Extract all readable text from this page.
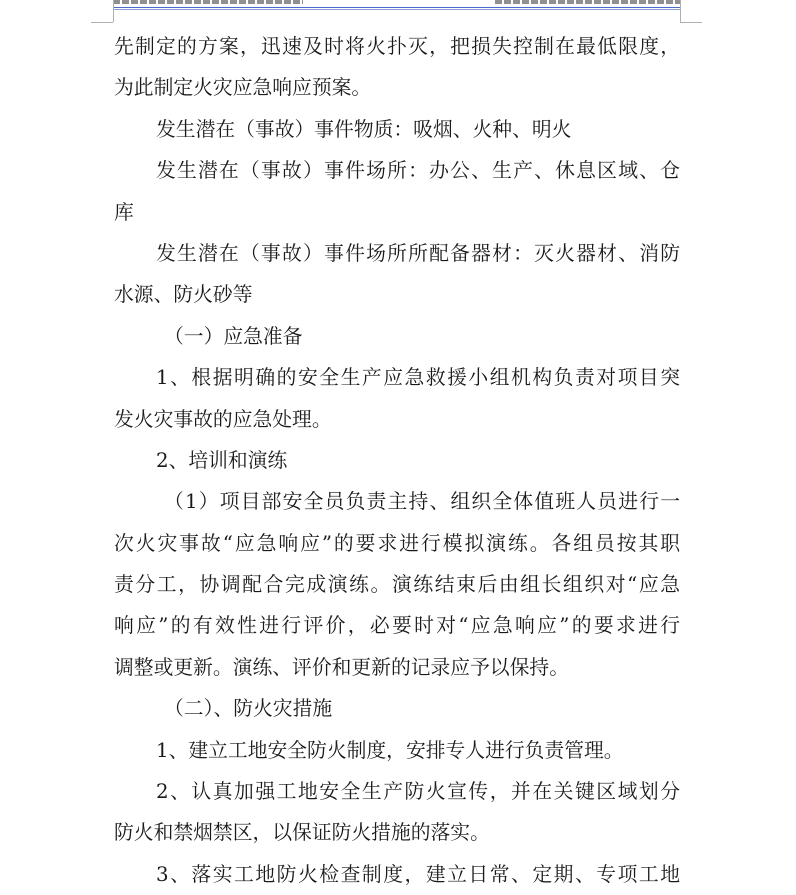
先制定的方案，迅速及时将火扑灭，把损失控制在最低限度，
为此制定火灾应急响应预案。
发生潜在（事故）事件物质：吸烟、火种、明火
发生潜在（事故）事件场所：办公、生产、休息区域、仓
库
发生潜在（事故）事件场所所配备器材：灭火器材、消防
水源、防火砂等
（一）应急准备
1、根据明确的安全生产应急救援小组机构负责对项目突
发火灾事故的应急处理。
2、培训和演练
（1）项目部安全员负责主持、组织全体值班人员进行一
次火灾事故“应急响应”的要求进行模拟演练。各组员按其职
责分工，协调配合完成演练。演练结束后由组长组织对“应急
响应”的有效性进行评价，必要时对“应急响应”的要求进行
调整或更新。演练、评价和更新的记录应予以保持。
（二）、防火灾措施
1、建立工地安全防火制度，安排专人进行负责管理。
2、认真加强工地安全生产防火宣传，并在关键区域划分
防火和禁烟禁区，以保证防火措施的落实。
3、落实工地防火检查制度，建立日常、定期、专项工地
